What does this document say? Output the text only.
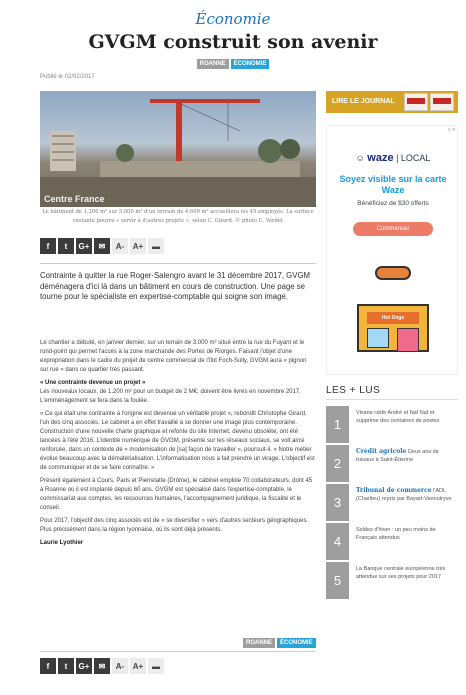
Économie
GVGM construit son avenir
ROANNE	ÉCONOMIE
Publié le 02/02/2017
Centre France
Le bâtiment de 1.200 m² sur 3.000 m² d'un terrain de 4.600 m² accueillera les 45 employés. La surface restante pourra « servir à d'autres projets », selon C. Girard. © photo C. Verdet
f	t	G+	✉	A-	A+	▬
Contrainte à quitter la rue Roger-Salengro avant le 31 décembre 2017, GVGM déménagera d'ici là dans un bâtiment en cours de construction. Une page se tourne pour le spécialiste en expertise-comptable qui soigne son image.

Le chantier a débuté, en janvier dernier, sur un terrain de 3.000 m² situé entre la rue du Fuyant et le rond-point qui permet l'accès à la zone marchande des Portes de Riorges. Faisant l'objet d'une expropriation dans le cadre du projet de centre commercial de l'îlot Foch-Sully, GVGM aura « pignon sur rue » dans ce quartier très passant.

« Une contrainte devenue un projet »

Les nouveaux locaux, de 1.200 m² pour un budget de 2 M€, doivent être livrés en novembre 2017. L'emménagement se fera dans la foulée.

« Ce qui était une contrainte à l'origine est devenue un véritable projet », rebondit Christophe Girard, l'un des cinq associés. Le cabinet a en effet travaillé à se donner une image plus contemporaine. Construction d'une nouvelle charte graphique et refonte du site Internet, devenu obsolète, ont été lancées à l'été 2016. L'identité numérique de GVGM, présente sur les réseaux sociaux, se voit ainsi renforcée, dans un contexte de « modernisation de [sa] façon de travailler », poursuit-il. « Notre métier évolue beaucoup avec la dématérialisation. L'informatisation nous a fait prendre un virage. L'objectif est de communiquer et de se faire connaître. »

Présent également à Cours, Paris et Pierrelatte (Drôme), le cabinet emploie 70 collaborateurs, dont 45 à Roanne où il est implanté depuis 60 ans. GVGM est spécialisé dans l'expertise-comptable, le commissariat aux comptes, les ressources humaines, l'accompagnement juridique, la fiscalité et le conseil.

Pour 2017, l'objectif des cinq associés est de « se diversifier » vers d'autres secteurs géographiques. Plus précisément dans la région lyonnaise, où ils sont déjà présents.

Laurie Lyothier

ROANNE	ÉCONOMIE
f	t	G+	✉	A-	A+	▬
LIRE LE JOURNAL
▷✕
☺ waze | LOCAL
Soyez visible sur la carte Waze
Bénéficiez de $30 offerts
Commencer
Hot Dogs
LES + LUS
1
Vivarie cède André et Naf Naf et supprime des centaines de postes
2
Crédit agricole Deux ans de travaux à Saint-Étienne
3
Tribunal de commerce l'ADL (Charlieu) repris par Bayart-Vanoutryve
4
Soldes d'hiver : un peu moins de Français attendus
5
La Banque centrale européenne très attendue sur ses projets pour 2017
